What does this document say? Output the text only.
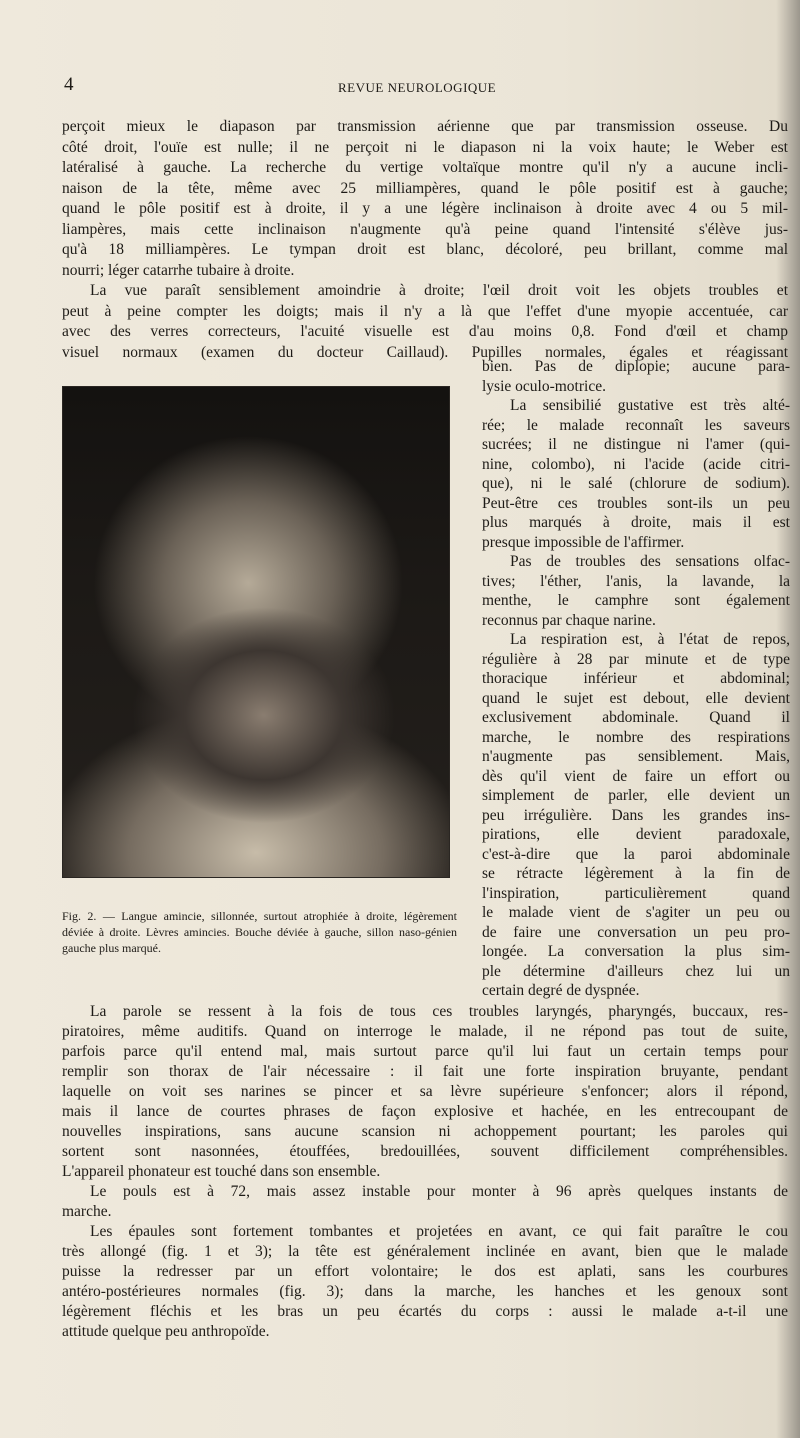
4	REVUE NEUROLOGIQUE
perçoit mieux le diapason par transmission aérienne que par transmission osseuse. Du
côté droit, l'ouïe est nulle; il ne perçoit ni le diapason ni la voix haute; le Weber est
latéralisé à gauche. La recherche du vertige voltaïque montre qu'il n'y a aucune incli-
naison de la tête, même avec 25 milliampères, quand le pôle positif est à gauche;
quand le pôle positif est à droite, il y a une légère inclinaison à droite avec 4 ou 5 mil-
liampères, mais cette inclinaison n'augmente qu'à peine quand l'intensité s'élève jus-
qu'à 18 milliampères. Le tympan droit est blanc, décoloré, peu brillant, comme mal
nourri; léger catarrhe tubaire à droite.
La vue paraît sensiblement amoindrie à droite; l'œil droit voit les objets troubles et
peut à peine compter les doigts; mais il n'y a là que l'effet d'une myopie accentuée, car
avec des verres correcteurs, l'acuité visuelle est d'au moins 0,8. Fond d'œil et champ
visuel normaux (examen du docteur Caillaud). Pupilles normales, égales et réagissant
Fig. 2. — Langue amincie, sillonnée, surtout atrophiée à droite, légèrement déviée à droite. Lèvres amincies. Bouche déviée à gauche, sillon naso-génien gauche plus marqué.
bien. Pas de diplopie; aucune para-
lysie oculo-motrice.
La sensibilié gustative est très alté-
rée; le malade reconnaît les saveurs
sucrées; il ne distingue ni l'amer (qui-
nine, colombo), ni l'acide (acide citri-
que), ni le salé (chlorure de sodium).
Peut-être ces troubles sont-ils un peu
plus marqués à droite, mais il est
presque impossible de l'affirmer.
Pas de troubles des sensations olfac-
tives; l'éther, l'anis, la lavande, la
menthe, le camphre sont également
reconnus par chaque narine.
La respiration est, à l'état de repos,
régulière à 28 par minute et de type
thoracique inférieur et abdominal;
quand le sujet est debout, elle devient
exclusivement abdominale. Quand il
marche, le nombre des respirations
n'augmente pas sensiblement. Mais,
dès qu'il vient de faire un effort ou
simplement de parler, elle devient un
peu irrégulière. Dans les grandes ins-
pirations, elle devient paradoxale,
c'est-à-dire que la paroi abdominale
se rétracte légèrement à la fin de
l'inspiration, particulièrement quand
le malade vient de s'agiter un peu ou
de faire une conversation un peu pro-
longée. La conversation la plus sim-
ple détermine d'ailleurs chez lui un
certain degré de dyspnée.
La parole se ressent à la fois de tous ces troubles laryngés, pharyngés, buccaux, res-
piratoires, même auditifs. Quand on interroge le malade, il ne répond pas tout de suite,
parfois parce qu'il entend mal, mais surtout parce qu'il lui faut un certain temps pour
remplir son thorax de l'air nécessaire : il fait une forte inspiration bruyante, pendant
laquelle on voit ses narines se pincer et sa lèvre supérieure s'enfoncer; alors il répond,
mais il lance de courtes phrases de façon explosive et hachée, en les entrecoupant de
nouvelles inspirations, sans aucune scansion ni achoppement pourtant; les paroles qui
sortent sont nasonnées, étouffées, bredouillées, souvent difficilement compréhensibles.
L'appareil phonateur est touché dans son ensemble.
Le pouls est à 72, mais assez instable pour monter à 96 après quelques instants de
marche.
Les épaules sont fortement tombantes et projetées en avant, ce qui fait paraître le cou
très allongé (fig. 1 et 3); la tête est généralement inclinée en avant, bien que le malade
puisse la redresser par un effort volontaire; le dos est aplati, sans les courbures
antéro-postérieures normales (fig. 3); dans la marche, les hanches et les genoux sont
légèrement fléchis et les bras un peu écartés du corps : aussi le malade a-t-il une
attitude quelque peu anthropoïde.
